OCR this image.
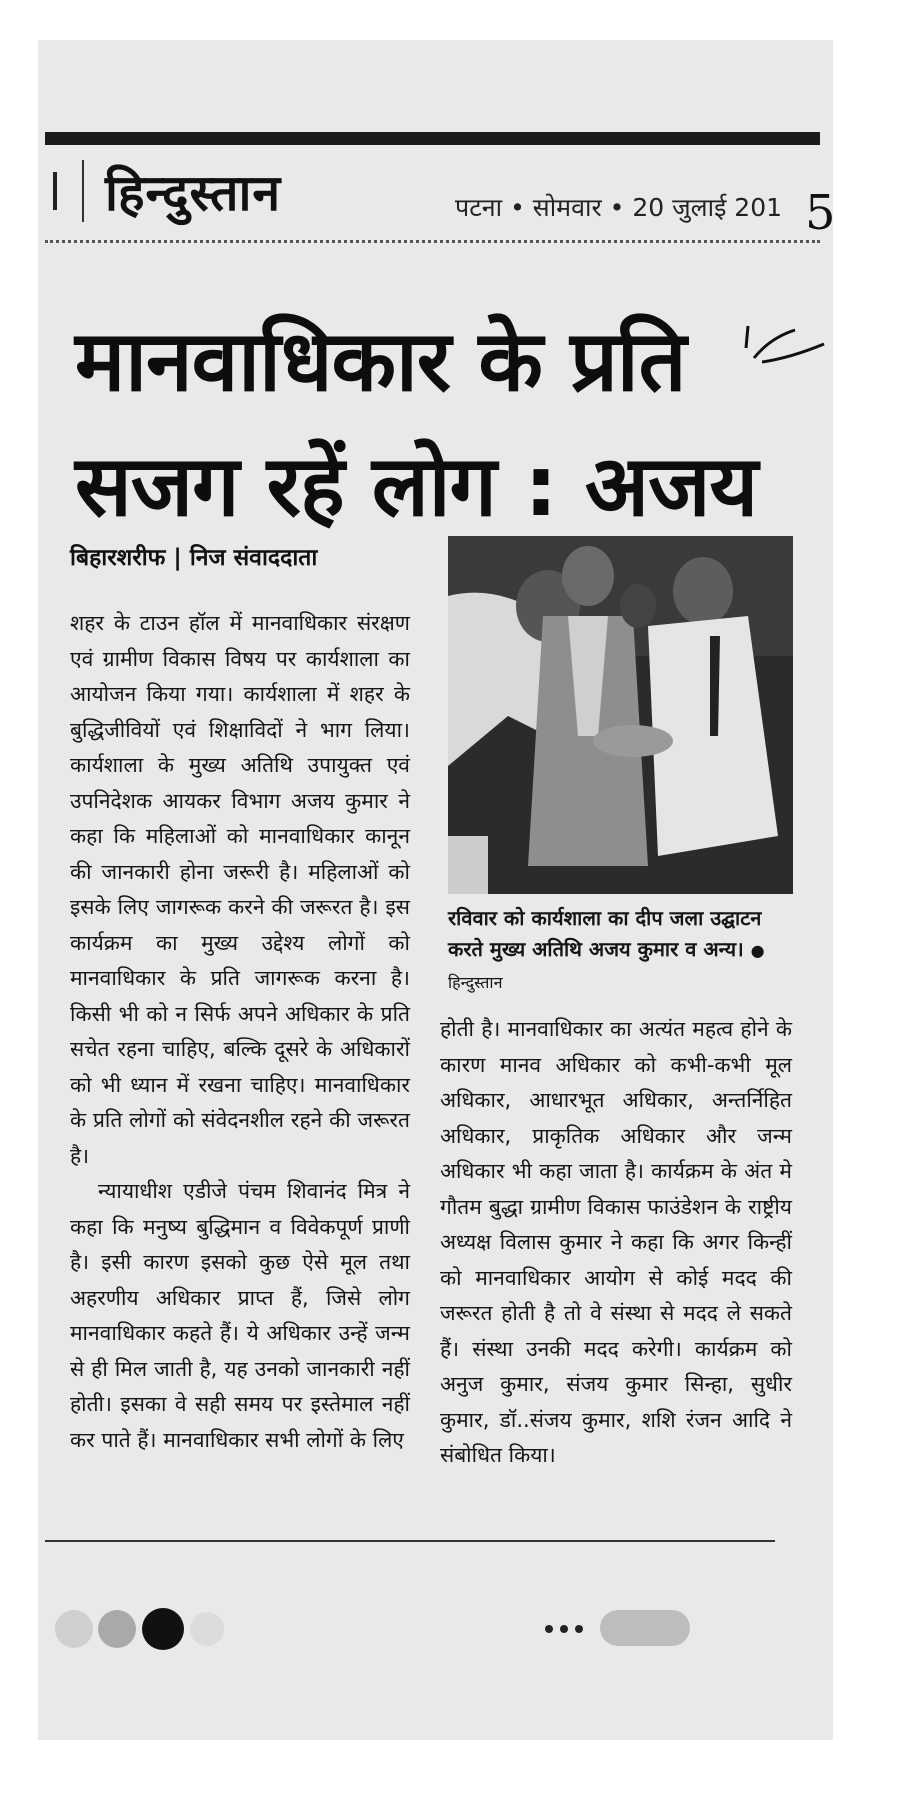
हिन्दुस्तान	पटना • सोमवार • 20 जुलाई 201 5
मानवाधिकार के प्रति
सजग रहें लोग : अजय
बिहारशरीफ | निज संवाददाता

शहर के टाउन हॉल में मानवाधिकार संरक्षण एवं ग्रामीण विकास विषय पर कार्यशाला का आयोजन किया गया। कार्यशाला में शहर के बुद्धिजीवियों एवं शिक्षाविदों ने भाग लिया। कार्यशाला के मुख्य अतिथि उपायुक्त एवं उपनिदेशक आयकर विभाग अजय कुमार ने कहा कि महिलाओं को मानवाधिकार कानून की जानकारी होना जरूरी है। महिलाओं को इसके लिए जागरूक करने की जरूरत है। इस कार्यक्रम का मुख्य उद्देश्य लोगों को मानवाधिकार के प्रति जागरूक करना है। किसी भी को न सिर्फ अपने अधिकार के प्रति सचेत रहना चाहिए, बल्कि दूसरे के अधिकारों को भी ध्यान में रखना चाहिए। मानवाधिकार के प्रति लोगों को संवेदनशील रहने की जरूरत है।

न्यायाधीश एडीजे पंचम शिवानंद मित्र ने कहा कि मनुष्य बुद्धिमान व विवेकपूर्ण प्राणी है। इसी कारण इसको कुछ ऐसे मूल तथा अहरणीय अधिकार प्राप्त हैं, जिसे लोग मानवाधिकार कहते हैं। ये अधिकार उन्हें जन्म से ही मिल जाती है, यह उनको जानकारी नहीं होती। इसका वे सही समय पर इस्तेमाल नहीं कर पाते हैं। मानवाधिकार सभी लोगों के लिए

रविवार को कार्यशाला का दीप जला उद्घाटन करते मुख्य अतिथि अजय कुमार व अन्य। ● हिन्दुस्तान

होती है। मानवाधिकार का अत्यंत महत्व होने के कारण मानव अधिकार को कभी-कभी मूल अधिकार, आधारभूत अधिकार, अन्तर्निहित अधिकार, प्राकृतिक अधिकार और जन्म अधिकार भी कहा जाता है। कार्यक्रम के अंत मे गौतम बुद्धा ग्रामीण विकास फाउंडेशन के राष्ट्रीय अध्यक्ष विलास कुमार ने कहा कि अगर किन्हीं को मानवाधिकार आयोग से कोई मदद की जरूरत होती है तो वे संस्था से मदद ले सकते हैं। संस्था उनकी मदद करेगी। कार्यक्रम को अनुज कुमार, संजय कुमार सिन्हा, सुधीर कुमार, डॉ..संजय कुमार, शशि रंजन आदि ने संबोधित किया।
